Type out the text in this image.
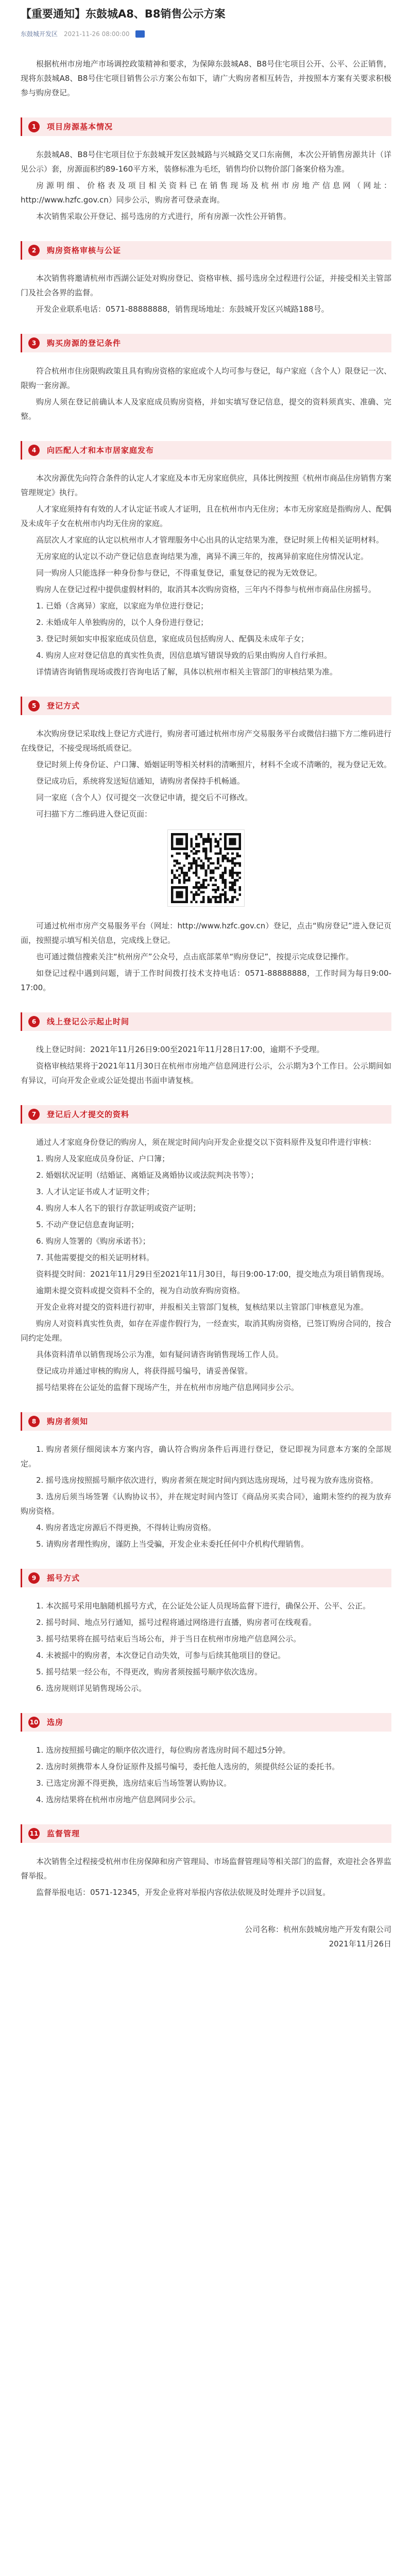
【重要通知】东鼓城A8、B8销售公示方案
东鼓城开发区 2021-11-26 08:00:00

根据杭州市房地产市场调控政策精神和要求，为保障东鼓城A8、B8号住宅项目公开、公平、公正销售，现将东鼓城A8、B8号住宅项目销售公示方案公布如下，请广大购房者相互转告，并按照本方案有关要求积极参与购房登记。

1	项目房源基本情况

东鼓城A8、B8号住宅项目位于东鼓城开发区鼓城路与兴城路交叉口东南侧，本次公开销售房源共计（详见公示）套，房源面积约89-160平方米，装修标准为毛坯，销售均价以物价部门备案价格为准。

房源明细、价格表及项目相关资料已在销售现场及杭州市房地产信息网（网址：http://www.hzfc.gov.cn）同步公示，购房者可登录查询。

本次销售采取公开登记、摇号选房的方式进行，所有房源一次性公开销售。

2	购房资格审核与公证

本次销售将邀请杭州市西湖公证处对购房登记、资格审核、摇号选房全过程进行公证，并接受相关主管部门及社会各界的监督。

开发企业联系电话：0571-88888888，销售现场地址：东鼓城开发区兴城路188号。

3	购买房源的登记条件

符合杭州市住房限购政策且具有购房资格的家庭或个人均可参与登记，每户家庭（含个人）限登记一次、限购一套房源。

购房人须在登记前确认本人及家庭成员购房资格，并如实填写登记信息，提交的资料须真实、准确、完整。

4	向匹配人才和本市居家庭发布

本次房源优先向符合条件的认定人才家庭及本市无房家庭供应，具体比例按照《杭州市商品住房销售方案管理规定》执行。

人才家庭须持有有效的人才认定证书或人才证明，且在杭州市内无住房；本市无房家庭是指购房人、配偶及未成年子女在杭州市内均无住房的家庭。

高层次人才家庭的认定以杭州市人才管理服务中心出具的认定结果为准，登记时须上传相关证明材料。

无房家庭的认定以不动产登记信息查询结果为准，离异不满三年的，按离异前家庭住房情况认定。

同一购房人只能选择一种身份参与登记，不得重复登记，重复登记的视为无效登记。

购房人在登记过程中提供虚假材料的，取消其本次购房资格，三年内不得参与杭州市商品住房摇号。

1. 已婚（含离异）家庭，以家庭为单位进行登记；

2. 未婚成年人单独购房的，以个人身份进行登记；

3. 登记时须如实申报家庭成员信息，家庭成员包括购房人、配偶及未成年子女；

4. 购房人应对登记信息的真实性负责，因信息填写错误导致的后果由购房人自行承担。

详情请咨询销售现场或拨打咨询电话了解，具体以杭州市相关主管部门的审核结果为准。

5	登记方式

本次购房登记采取线上登记方式进行，购房者可通过杭州市房产交易服务平台或微信扫描下方二维码进行在线登记，不接受现场纸质登记。

登记时须上传身份证、户口簿、婚姻证明等相关材料的清晰照片，材料不全或不清晰的，视为登记无效。

登记成功后，系统将发送短信通知，请购房者保持手机畅通。

同一家庭（含个人）仅可提交一次登记申请，提交后不可修改。

可扫描下方二维码进入登记页面：

可通过杭州市房产交易服务平台（网址：http://www.hzfc.gov.cn）登记，点击“购房登记”进入登记页面，按照提示填写相关信息，完成线上登记。

也可通过微信搜索关注“杭州房产”公众号，点击底部菜单“购房登记”，按提示完成登记操作。

如登记过程中遇到问题，请于工作时间拨打技术支持电话：0571-88888888，工作时间为每日9:00-17:00。

6	线上登记公示起止时间

线上登记时间：2021年11月26日9:00至2021年11月28日17:00，逾期不予受理。

资格审核结果将于2021年11月30日在杭州市房地产信息网进行公示，公示期为3个工作日。公示期间如有异议，可向开发企业或公证处提出书面申请复核。

7	登记后人才提交的资料

通过人才家庭身份登记的购房人，须在规定时间内向开发企业提交以下资料原件及复印件进行审核：

1. 购房人及家庭成员身份证、户口簿；

2. 婚姻状况证明（结婚证、离婚证及离婚协议或法院判决书等）；

3. 人才认定证书或人才证明文件；

4. 购房人本人名下的银行存款证明或资产证明；

5. 不动产登记信息查询证明；

6. 购房人签署的《购房承诺书》；

7. 其他需要提交的相关证明材料。

资料提交时间：2021年11月29日至2021年11月30日，每日9:00-17:00，提交地点为项目销售现场。

逾期未提交资料或提交资料不全的，视为自动放弃购房资格。

开发企业将对提交的资料进行初审，并报相关主管部门复核，复核结果以主管部门审核意见为准。

购房人对资料真实性负责，如存在弄虚作假行为，一经查实，取消其购房资格，已签订购房合同的，按合同约定处理。

具体资料清单以销售现场公示为准，如有疑问请咨询销售现场工作人员。

登记成功并通过审核的购房人，将获得摇号编号，请妥善保管。

摇号结果将在公证处的监督下现场产生，并在杭州市房地产信息网同步公示。

8	购房者须知

1. 购房者须仔细阅读本方案内容，确认符合购房条件后再进行登记，登记即视为同意本方案的全部规定。

2. 摇号选房按照摇号顺序依次进行，购房者须在规定时间内到达选房现场，过号视为放弃选房资格。

3. 选房后须当场签署《认购协议书》，并在规定时间内签订《商品房买卖合同》，逾期未签约的视为放弃购房资格。

4. 购房者选定房源后不得更换，不得转让购房资格。

5. 请购房者理性购房，谨防上当受骗，开发企业未委托任何中介机构代理销售。

9	摇号方式

1. 本次摇号采用电脑随机摇号方式，在公证处公证人员现场监督下进行，确保公开、公平、公正。

2. 摇号时间、地点另行通知，摇号过程将通过网络进行直播，购房者可在线观看。

3. 摇号结果将在摇号结束后当场公布，并于当日在杭州市房地产信息网公示。

4. 未被摇中的购房者，本次登记自动失效，可参与后续其他项目的登记。

5. 摇号结果一经公布，不得更改，购房者须按摇号顺序依次选房。

6. 选房规则详见销售现场公示。

10 选房

1. 选房按照摇号确定的顺序依次进行，每位购房者选房时间不超过5分钟。

2. 选房时须携带本人身份证原件及摇号编号，委托他人选房的，须提供经公证的委托书。

3. 已选定房源不得更换，选房结束后当场签署认购协议。

4. 选房结果将在杭州市房地产信息网同步公示。

11 监督管理

本次销售全过程接受杭州市住房保障和房产管理局、市场监督管理局等相关部门的监督，欢迎社会各界监督举报。

监督举报电话：0571-12345，开发企业将对举报内容依法依规及时处理并予以回复。

公司名称：杭州东鼓城房地产开发有限公司

2021年11月26日
